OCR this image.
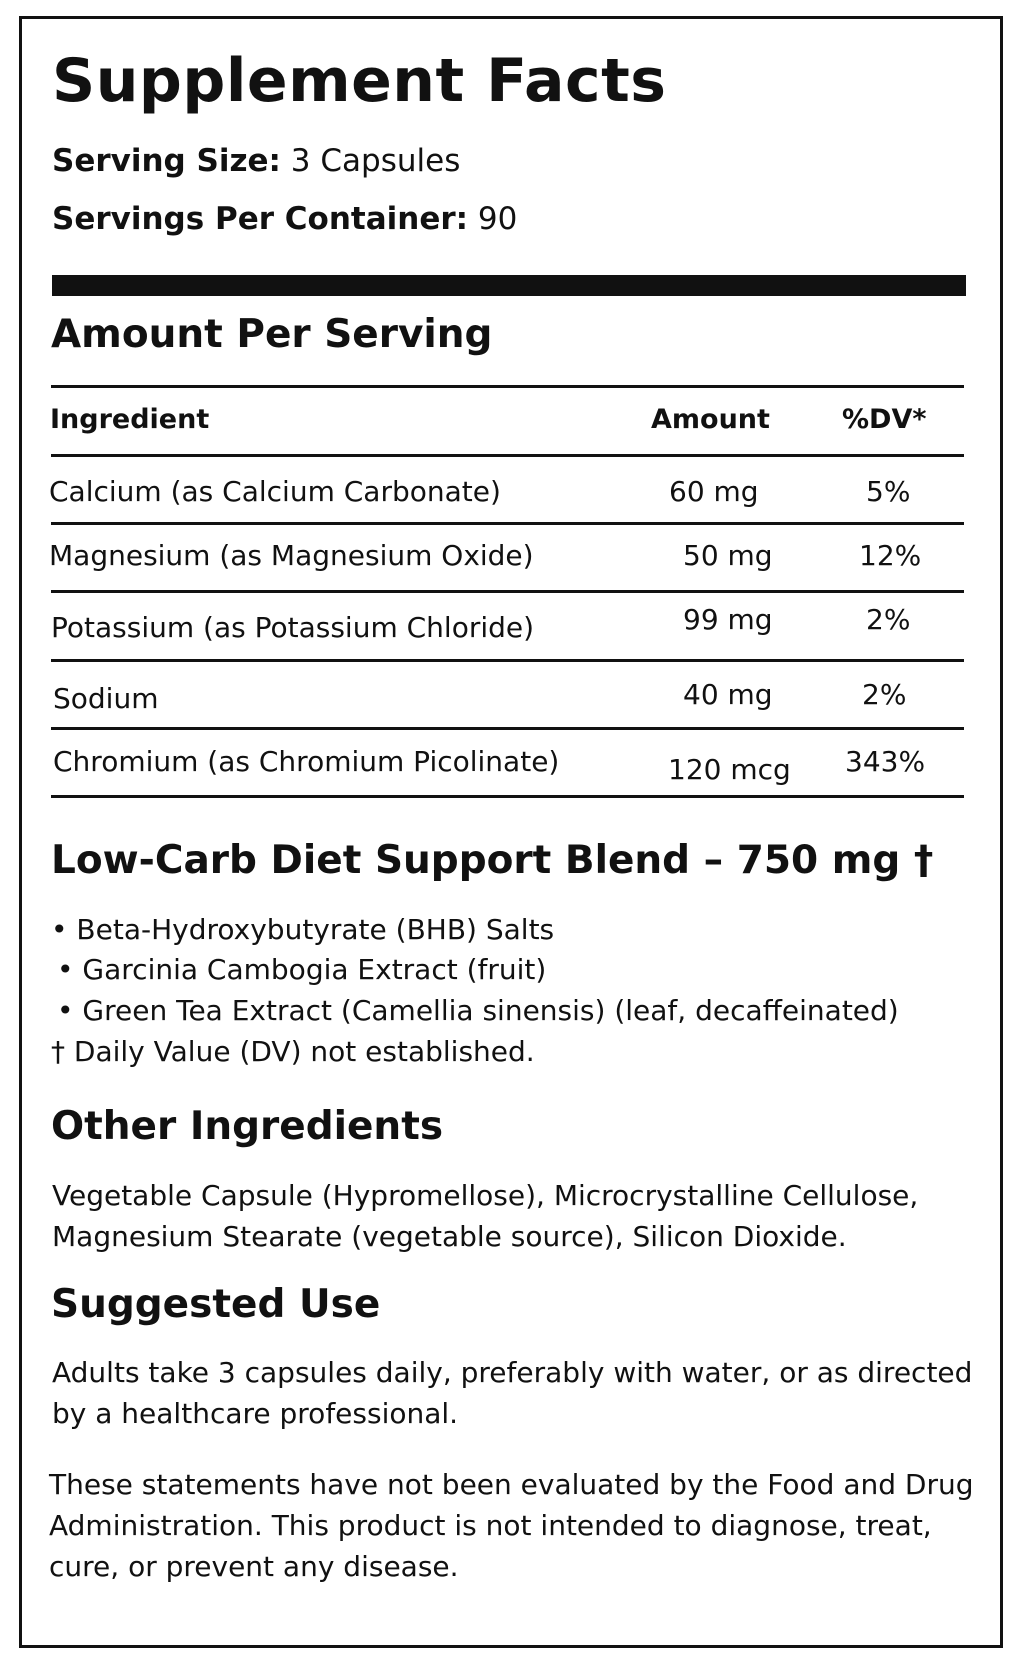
Supplement Facts
Serving Size: 3 Capsules
Servings Per Container: 90
Amount Per Serving
Ingredient	Amount	%DV*
Calcium (as Calcium Carbonate)	60 mg	5%
Magnesium (as Magnesium Oxide)	50 mg	12%
Potassium (as Potassium Chloride)	99 mg	2%
Sodium	40 mg	2%
Chromium (as Chromium Picolinate)	120 mcg 343%
Low-Carb Diet Support Blend – 750 mg †
• Beta-Hydroxybutyrate (BHB) Salts
• Garcinia Cambogia Extract (fruit)
• Green Tea Extract (Camellia sinensis) (leaf, decaffeinated)
† Daily Value (DV) not established.
Other Ingredients
Vegetable Capsule (Hypromellose), Microcrystalline Cellulose,
Magnesium Stearate (vegetable source), Silicon Dioxide.
Suggested Use
Adults take 3 capsules daily, preferably with water, or as directed
by a healthcare professional.
These statements have not been evaluated by the Food and Drug
Administration. This product is not intended to diagnose, treat,
cure, or prevent any disease.
